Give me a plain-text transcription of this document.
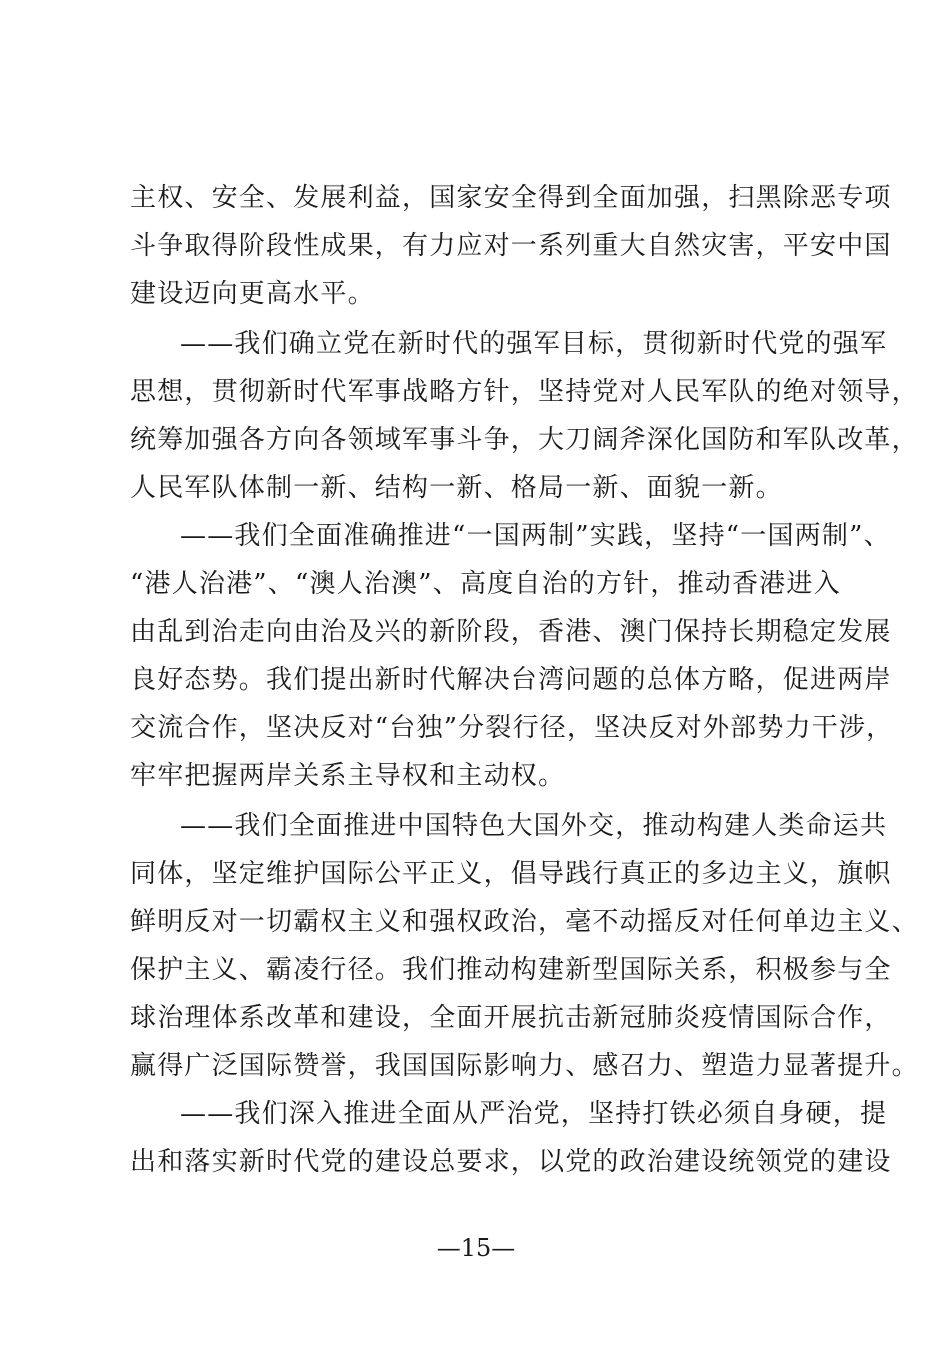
主权、安全、发展利益，国家安全得到全面加强，扫黑除恶专项
斗争取得阶段性成果，有力应对一系列重大自然灾害，平安中国
建设迈向更高水平。
——我们确立党在新时代的强军目标，贯彻新时代党的强军
思想，贯彻新时代军事战略方针，坚持党对人民军队的绝对领导，
统筹加强各方向各领域军事斗争，大刀阔斧深化国防和军队改革，
人民军队体制一新、结构一新、格局一新、面貌一新。
——我们全面准确推进“一国两制”实践，坚持“一国两制”、
“港人治港”、“澳人治澳”、高度自治的方针，推动香港进入
由乱到治走向由治及兴的新阶段，香港、澳门保持长期稳定发展
良好态势。我们提出新时代解决台湾问题的总体方略，促进两岸
交流合作，坚决反对“台独”分裂行径，坚决反对外部势力干涉，
牢牢把握两岸关系主导权和主动权。
——我们全面推进中国特色大国外交，推动构建人类命运共
同体，坚定维护国际公平正义，倡导践行真正的多边主义，旗帜
鲜明反对一切霸权主义和强权政治，毫不动摇反对任何单边主义、
保护主义、霸凌行径。我们推动构建新型国际关系，积极参与全
球治理体系改革和建设，全面开展抗击新冠肺炎疫情国际合作，
赢得广泛国际赞誉，我国国际影响力、感召力、塑造力显著提升。
——我们深入推进全面从严治党，坚持打铁必须自身硬，提
出和落实新时代党的建设总要求，以党的政治建设统领党的建设
—15—
